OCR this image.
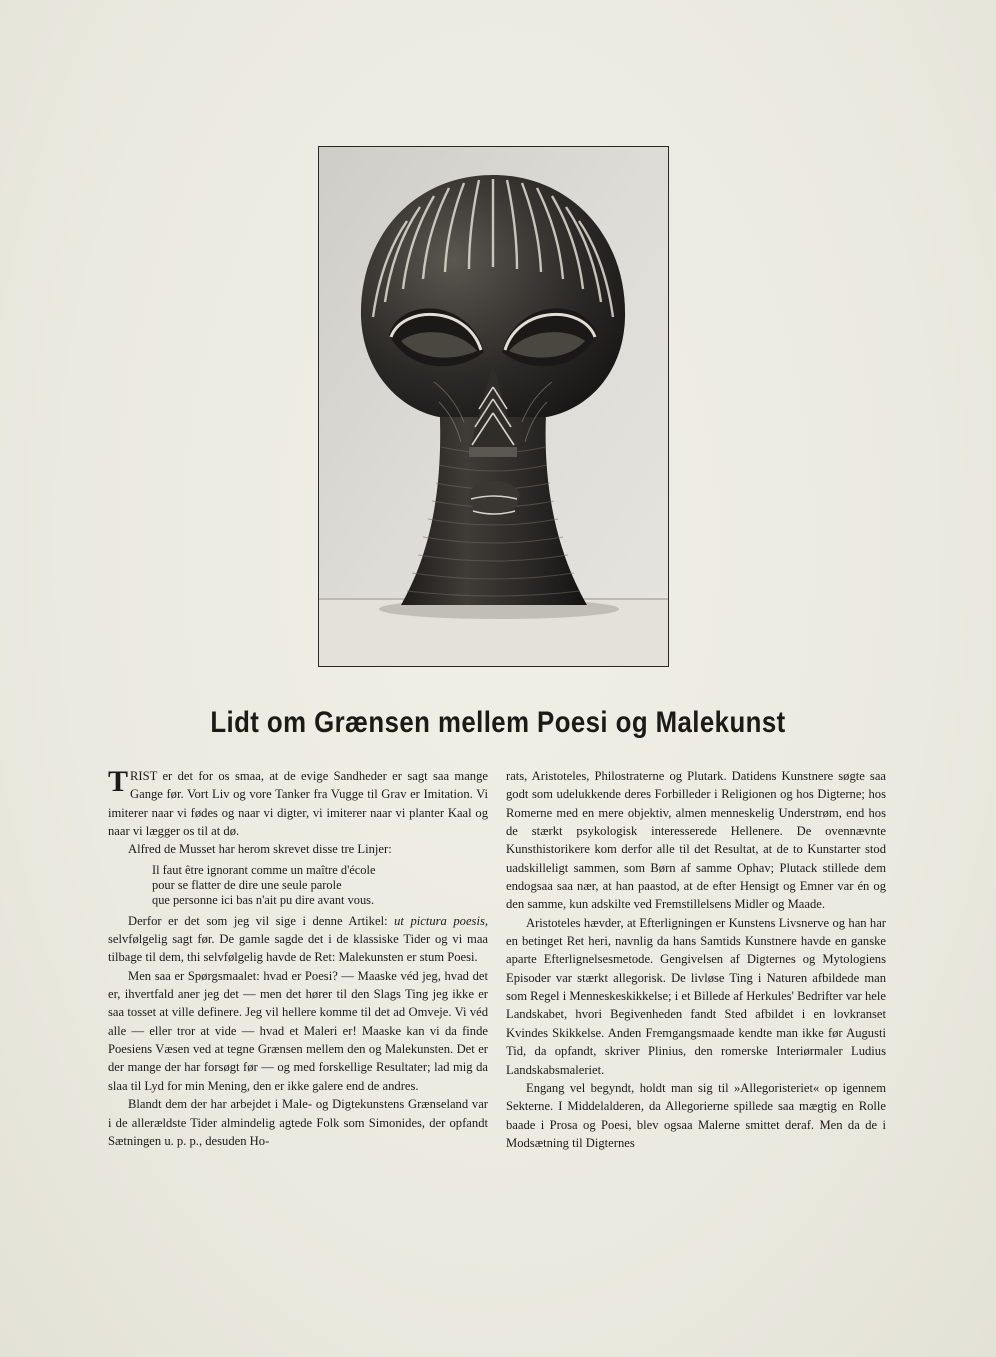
Lidt om Grænsen mellem Poesi og Malekunst

TRIST er det for os smaa, at de evige Sandheder er sagt saa mange Gange før. Vort Liv og vore Tanker fra Vugge til Grav er Imitation. Vi imiterer naar vi fødes og naar vi digter, vi imiterer naar vi planter Kaal og naar vi lægger os til at dø.

Alfred de Musset har herom skrevet disse tre Linjer:

Il faut être ignorant comme un maître d'école
pour se flatter de dire une seule parole
que personne ici bas n'ait pu dire avant vous.

Derfor er det som jeg vil sige i denne Artikel: ut pictura poesis, selvfølgelig sagt før. De gamle sagde det i de klassiske Tider og vi maa tilbage til dem, thi selvfølgelig havde de Ret: Malekunsten er stum Poesi.

Men saa er Spørgsmaalet: hvad er Poesi? — Maaske véd jeg, hvad det er, ihvertfald aner jeg det — men det hører til den Slags Ting jeg ikke er saa tosset at ville definere. Jeg vil hellere komme til det ad Omveje. Vi véd alle — eller tror at vide — hvad et Maleri er! Maaske kan vi da finde Poesiens Væsen ved at tegne Grænsen mellem den og Malekunsten. Det er der mange der har forsøgt før — og med forskellige Resultater; lad mig da slaa til Lyd for min Mening, den er ikke galere end de andres.

Blandt dem der har arbejdet i Male- og Digtekunstens Grænseland var i de allerældste Tider almindelig agtede Folk som Simonides, der opfandt Sætningen u. p. p., desuden Ho-

rats, Aristoteles, Philostraterne og Plutark. Datidens Kunstnere søgte saa godt som udelukkende deres Forbilleder i Religionen og hos Digterne; hos Romerne med en mere objektiv, almen menneskelig Understrøm, end hos de stærkt psykologisk interesserede Hellenere. De ovennævnte Kunsthistorikere kom derfor alle til det Resultat, at de to Kunstarter stod uadskilleligt sammen, som Børn af samme Ophav; Plutack stillede dem endogsaa saa nær, at han paastod, at de efter Hensigt og Emner var én og den samme, kun adskilte ved Fremstillelsens Midler og Maade.

Aristoteles hævder, at Efterligningen er Kunstens Livsnerve og han har en betinget Ret heri, navnlig da hans Samtids Kunstnere havde en ganske aparte Efterlignelsesmetode. Gengivelsen af Digternes og Mytologiens Episoder var stærkt allegorisk. De livløse Ting i Naturen afbildede man som Regel i Menneskeskikkelse; i et Billede af Herkules' Bedrifter var hele Landskabet, hvori Begivenheden fandt Sted afbildet i en lovkranset Kvindes Skikkelse. Anden Fremgangsmaade kendte man ikke før Augusti Tid, da opfandt, skriver Plinius, den romerske Interiørmaler Ludius Landskabsmaleriet.

Engang vel begyndt, holdt man sig til »Allegoristeriet« op igennem Sekterne. I Middelalderen, da Allegorierne spillede saa mægtig en Rolle baade i Prosa og Poesi, blev ogsaa Malerne smittet deraf. Men da de i Modsætning til Digternes
